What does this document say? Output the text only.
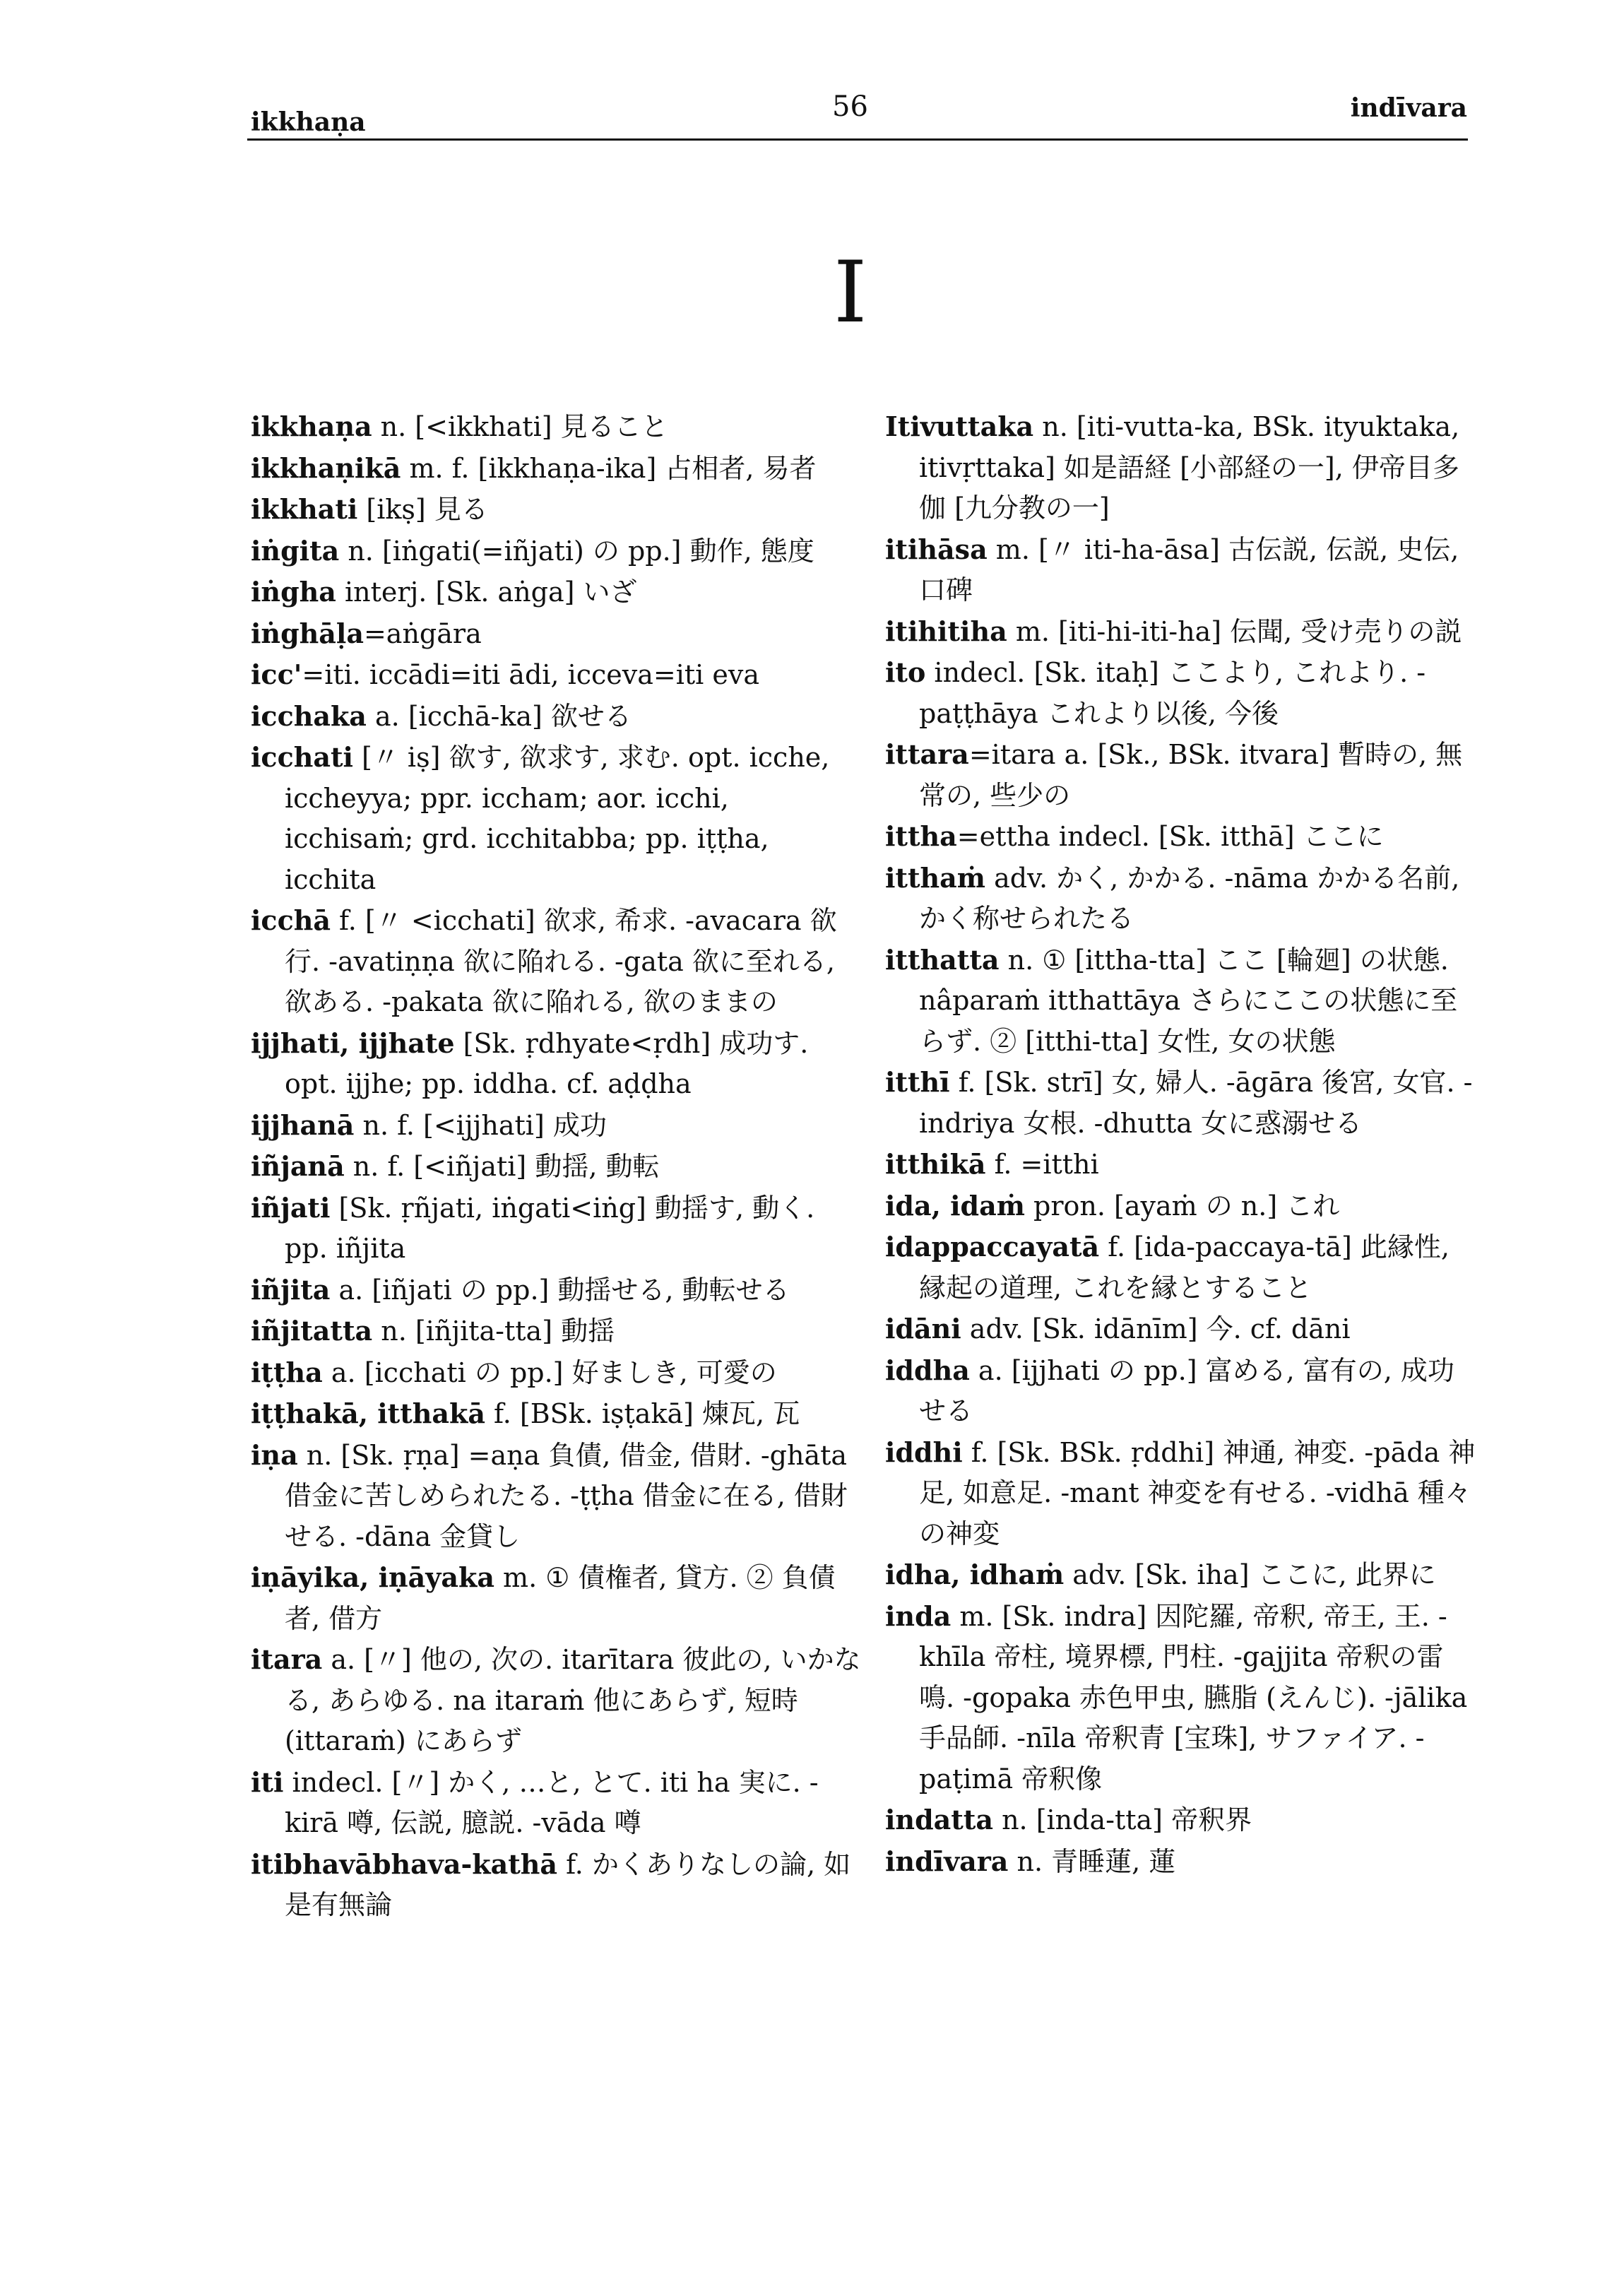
ikkhaṇa	56	indīvara
I

ikkhaṇa n. [<ikkhati] 見ること

ikkhaṇikā m. f. [ikkhaṇa-ika] 占相者, 易者

ikkhati [ikṣ] 見る

iṅgita n. [iṅgati(=iñjati) の pp.] 動作, 態度

iṅgha interj. [Sk. aṅga] いざ

iṅghāḷa=aṅgāra

icc'=iti. iccādi=iti ādi, icceva=iti eva

icchaka a. [icchā-ka] 欲せる

icchati [〃 iṣ] 欲す, 欲求す, 求む. opt. icche, iccheyya; ppr. iccham; aor. icchi, icchisaṁ; grd. icchitabba; pp. iṭṭha, icchita

icchā f. [〃 <icchati] 欲求, 希求. -avacara 欲行. -avatiṇṇa 欲に陥れる. -gata 欲に至れる, 欲ある. -pakata 欲に陥れる, 欲のままの

ijjhati, ijjhate [Sk. ṛdhyate<ṛdh] 成功す. opt. ijjhe; pp. iddha. cf. aḍḍha

ijjhanā n. f. [<ijjhati] 成功

iñjanā n. f. [<iñjati] 動揺, 動転

iñjati [Sk. ṛñjati, iṅgati<iṅg] 動揺す, 動く. pp. iñjita

iñjita a. [iñjati の pp.] 動揺せる, 動転せる

iñjitatta n. [iñjita-tta] 動揺

iṭṭha a. [icchati の pp.] 好ましき, 可愛の

iṭṭhakā, itthakā f. [BSk. iṣṭakā] 煉瓦, 瓦

iṇa n. [Sk. ṛṇa] =aṇa 負債, 借金, 借財. -ghāta 借金に苦しめられたる. -ṭṭha 借金に在る, 借財せる. -dāna 金貸し

iṇāyika, iṇāyaka m. ① 債権者, 貸方. ② 負債者, 借方

itara a. [〃] 他の, 次の. itarītara 彼此の, いかなる, あらゆる. na itaraṁ 他にあらず, 短時 (ittaraṁ) にあらず

iti indecl. [〃] かく, …と, とて. iti ha 実に. -kirā 噂, 伝説, 臆説. -vāda 噂

itibhavābhava-kathā f. かくありなしの論, 如是有無論

Itivuttaka n. [iti-vutta-ka, BSk. ityuktaka, itivṛttaka] 如是語経 [小部経の一], 伊帝目多伽 [九分教の一]

itihāsa m. [〃 iti-ha-āsa] 古伝説, 伝説, 史伝, 口碑

itihitiha m. [iti-hi-iti-ha] 伝聞, 受け売りの説

ito indecl. [Sk. itaḥ] ここより, これより. -paṭṭhāya これより以後, 今後

ittara=itara a. [Sk., BSk. itvara] 暫時の, 無常の, 些少の

ittha=ettha indecl. [Sk. itthā] ここに

itthaṁ adv. かく, かかる. -nāma かかる名前, かく称せられたる

itthatta n. ① [ittha-tta] ここ [輪廻] の状態. nâparaṁ itthattāya さらにここの状態に至らず. ② [itthi-tta] 女性, 女の状態

itthī f. [Sk. strī] 女, 婦人. -āgāra 後宮, 女官. -indriya 女根. -dhutta 女に惑溺せる

itthikā f. =itthi

ida, idaṁ pron. [ayaṁ の n.] これ

idappaccayatā f. [ida-paccaya-tā] 此縁性, 縁起の道理, これを縁とすること

idāni adv. [Sk. idānīm] 今. cf. dāni

iddha a. [ijjhati の pp.] 富める, 富有の, 成功せる

iddhi f. [Sk. BSk. ṛddhi] 神通, 神変. -pāda 神足, 如意足. -mant 神変を有せる. -vidhā 種々の神変

idha, idhaṁ adv. [Sk. iha] ここに, 此界に

inda m. [Sk. indra] 因陀羅, 帝釈, 帝王, 王. -khīla 帝柱, 境界標, 門柱. -gajjita 帝釈の雷鳴. -gopaka 赤色甲虫, 臙脂 (えんじ). -jālika 手品師. -nīla 帝釈青 [宝珠], サファイア. -paṭimā 帝釈像

indatta n. [inda-tta] 帝釈界

indīvara n. 青睡蓮, 蓮
